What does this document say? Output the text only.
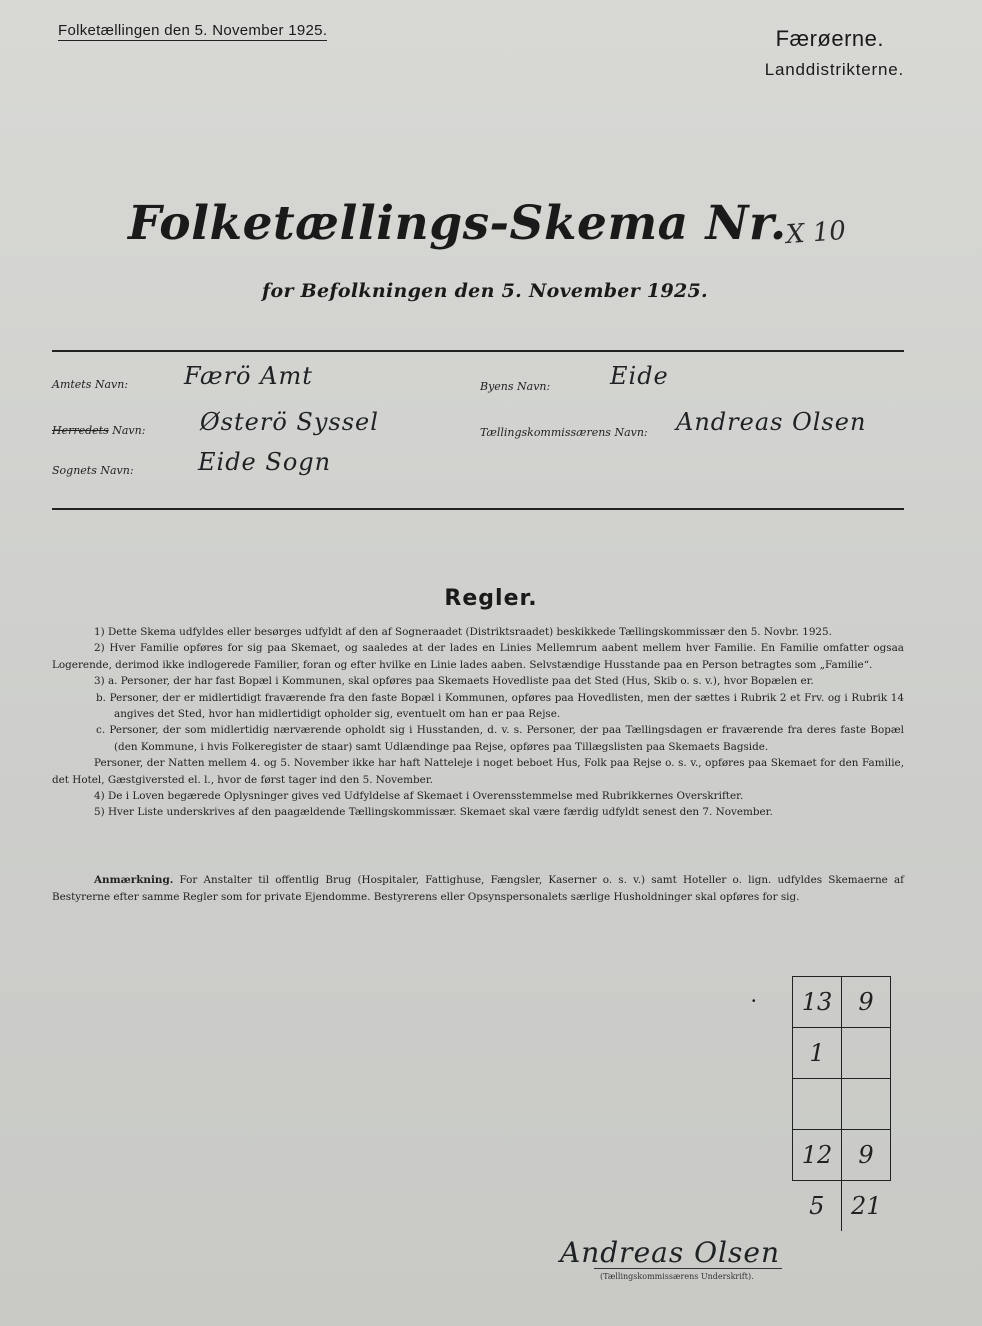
Folketællingen den 5. November 1925.	Færøerne.
Landdistrikterne.
Folketællings-Skema Nr.
X 10
for Befolkningen den 5. November 1925.
Amtets Navn: Færö Amt
Herredets Navn: Østerö Syssel
Sognets Navn:	Eide Sogn
Byens Navn: Eide
Tællingskommissærens Navn: Andreas Olsen
Regler.

1) Dette Skema udfyldes eller besørges udfyldt af den af Sogneraadet (Distriktsraadet) beskikkede Tællingskommissær den 5. Novbr. 1925.

2) Hver Familie opføres for sig paa Skemaet, og saaledes at der lades en Linies Mellemrum aabent mellem hver Familie. En Familie omfatter ogsaa Logerende, derimod ikke indlogerede Familier, foran og efter hvilke en Linie lades aaben. Selvstændige Husstande paa en Person betragtes som „Familie“.

3) a. Personer, der har fast Bopæl i Kommunen, skal opføres paa Skemaets Hovedliste paa det Sted (Hus, Skib o. s. v.), hvor Bopælen er.

b. Personer, der er midlertidigt fraværende fra den faste Bopæl i Kommunen, opføres paa Hovedlisten, men der sættes i Rubrik 2 et Frv. og i Rubrik 14 angives det Sted, hvor han midlertidigt opholder sig, eventuelt om han er paa Rejse.

c. Personer, der som midlertidig nærværende opholdt sig i Husstanden, d. v. s. Personer, der paa Tællingsdagen er fraværende fra deres faste Bopæl (den Kommune, i hvis Folkeregister de staar) samt Udlændinge paa Rejse, opføres paa Tillægslisten paa Skemaets Bagside.

Personer, der Natten mellem 4. og 5. November ikke har haft Natteleje i noget beboet Hus, Folk paa Rejse o. s. v., opføres paa Skemaet for den Familie, det Hotel, Gæstgiversted el. l., hvor de først tager ind den 5. November.

4) De i Loven begærede Oplysninger gives ved Udfyldelse af Skemaet i Overensstemmelse med Rubrikkernes Overskrifter.

5) Hver Liste underskrives af den paagældende Tællingskommissær. Skemaet skal være færdig udfyldt senest den 7. November.

Anmærkning. For Anstalter til offentlig Brug (Hospitaler, Fattighuse, Fængsler, Kaserner o. s. v.) samt Hoteller o. lign. udfyldes Skemaerne af Bestyrerne efter samme Regler som for private Ejendomme. Bestyrerens eller Opsynspersonalets særlige Husholdninger skal opføres for sig.
• 13	9
1	

12	9
5	21
Andreas Olsen
(Tællingskommissærens Underskrift).
